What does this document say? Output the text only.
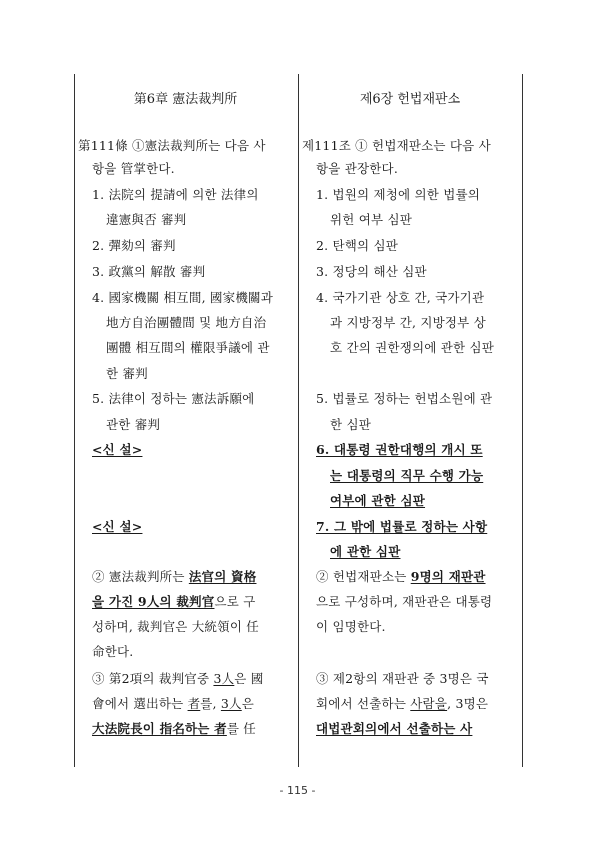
第6章 憲法裁判所
第111條 ①憲法裁判所는 다음 사
항을 管掌한다.
1. 法院의 提請에 의한 法律의
違憲與否 審判
2. 彈劾의 審判
3. 政黨의 解散 審判
4. 國家機關 相互間, 國家機關과
地方自治團體間 및 地方自治
團體 相互間의 權限爭議에 관
한 審判
5. 法律이 정하는 憲法訴願에
관한 審判
<신 설>
<신 설>
② 憲法裁判所는 法官의 資格
을 가진 9人의 裁判官으로 구
성하며, 裁判官은 大統領이 任
命한다.
③ 第2項의 裁判官중 3人은 國
會에서 選出하는 者를, 3人은
大法院長이 指名하는 者를 任
제6장 헌법재판소
제111조 ① 헌법재판소는 다음 사
항을 관장한다.
1. 법원의 제청에 의한 법률의
위헌 여부 심판
2. 탄핵의 심판
3. 정당의 해산 심판
4. 국가기관 상호 간, 국가기관
과 지방정부 간, 지방정부 상
호 간의 권한쟁의에 관한 심판
5. 법률로 정하는 헌법소원에 관
한 심판
6. 대통령 권한대행의 개시 또
는 대통령의 직무 수행 가능
여부에 관한 심판
7. 그 밖에 법률로 정하는 사항
에 관한 심판
② 헌법재판소는 9명의 재판관
으로 구성하며, 재판관은 대통령
이 임명한다.
③ 제2항의 재판관 중 3명은 국
회에서 선출하는 사람을, 3명은
대법관회의에서 선출하는 사
- 115 -
